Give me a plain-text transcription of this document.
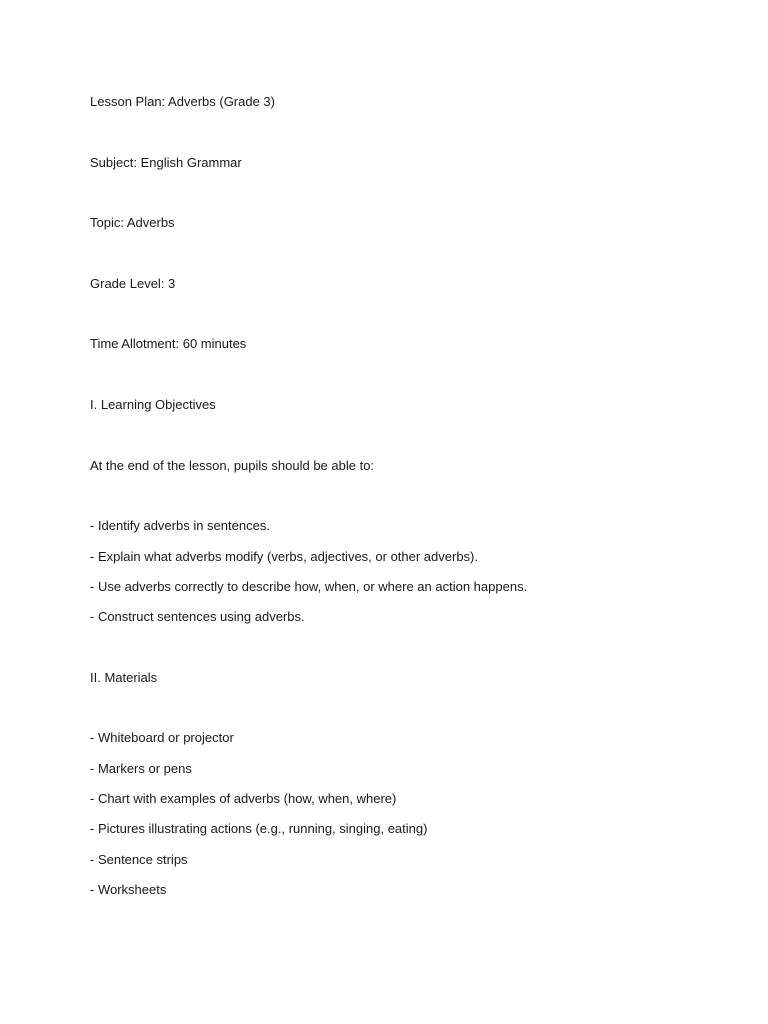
Lesson Plan: Adverbs (Grade 3)
Subject: English Grammar
Topic: Adverbs
Grade Level: 3
Time Allotment: 60 minutes
I. Learning Objectives
At the end of the lesson, pupils should be able to:
- Identify adverbs in sentences.
- Explain what adverbs modify (verbs, adjectives, or other adverbs).
- Use adverbs correctly to describe how, when, or where an action happens.
- Construct sentences using adverbs.
II. Materials
- Whiteboard or projector
- Markers or pens
- Chart with examples of adverbs (how, when, where)
- Pictures illustrating actions (e.g., running, singing, eating)
- Sentence strips
- Worksheets
